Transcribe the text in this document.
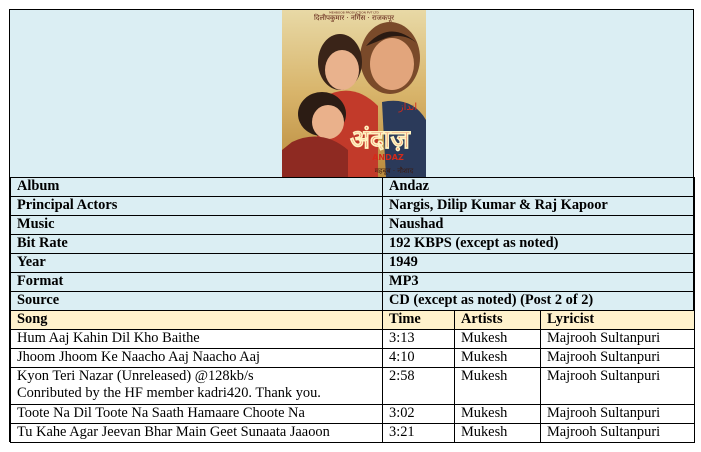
दिलीपकुमार · नर्गिस · राजकपूर
MEHBOOB PRODUCTION PVT LTD
انداز
अंदाज़
ANDAZ
महबूब · नौशाद
Album	Andaz		
Principal Actors	Nargis, Dilip Kumar & Raj Kapoor		
Music	Naushad		
Bit Rate	192 KBPS (except as noted)		
Year	1949		
Format	MP3		
Source	CD (except as noted) (Post 2 of 2)		
Song	Time	Artists	Lyricist
Hum Aaj Kahin Dil Kho Baithe	3:13	Mukesh	Majrooh Sultanpuri
Jhoom Jhoom Ke Naacho Aaj Naacho Aaj	4:10	Mukesh	Majrooh Sultanpuri

Kyon Teri Nazar (Unreleased) @128kb/s
Conributed by the HF member kadri420. Thank you.	2:58	Mukesh	Majrooh Sultanpuri
Toote Na Dil Toote Na Saath Hamaare Choote Na	3:02	Mukesh	Majrooh Sultanpuri
Tu Kahe Agar Jeevan Bhar Main Geet Sunaata Jaaoon	3:21	Mukesh	Majrooh Sultanpuri
